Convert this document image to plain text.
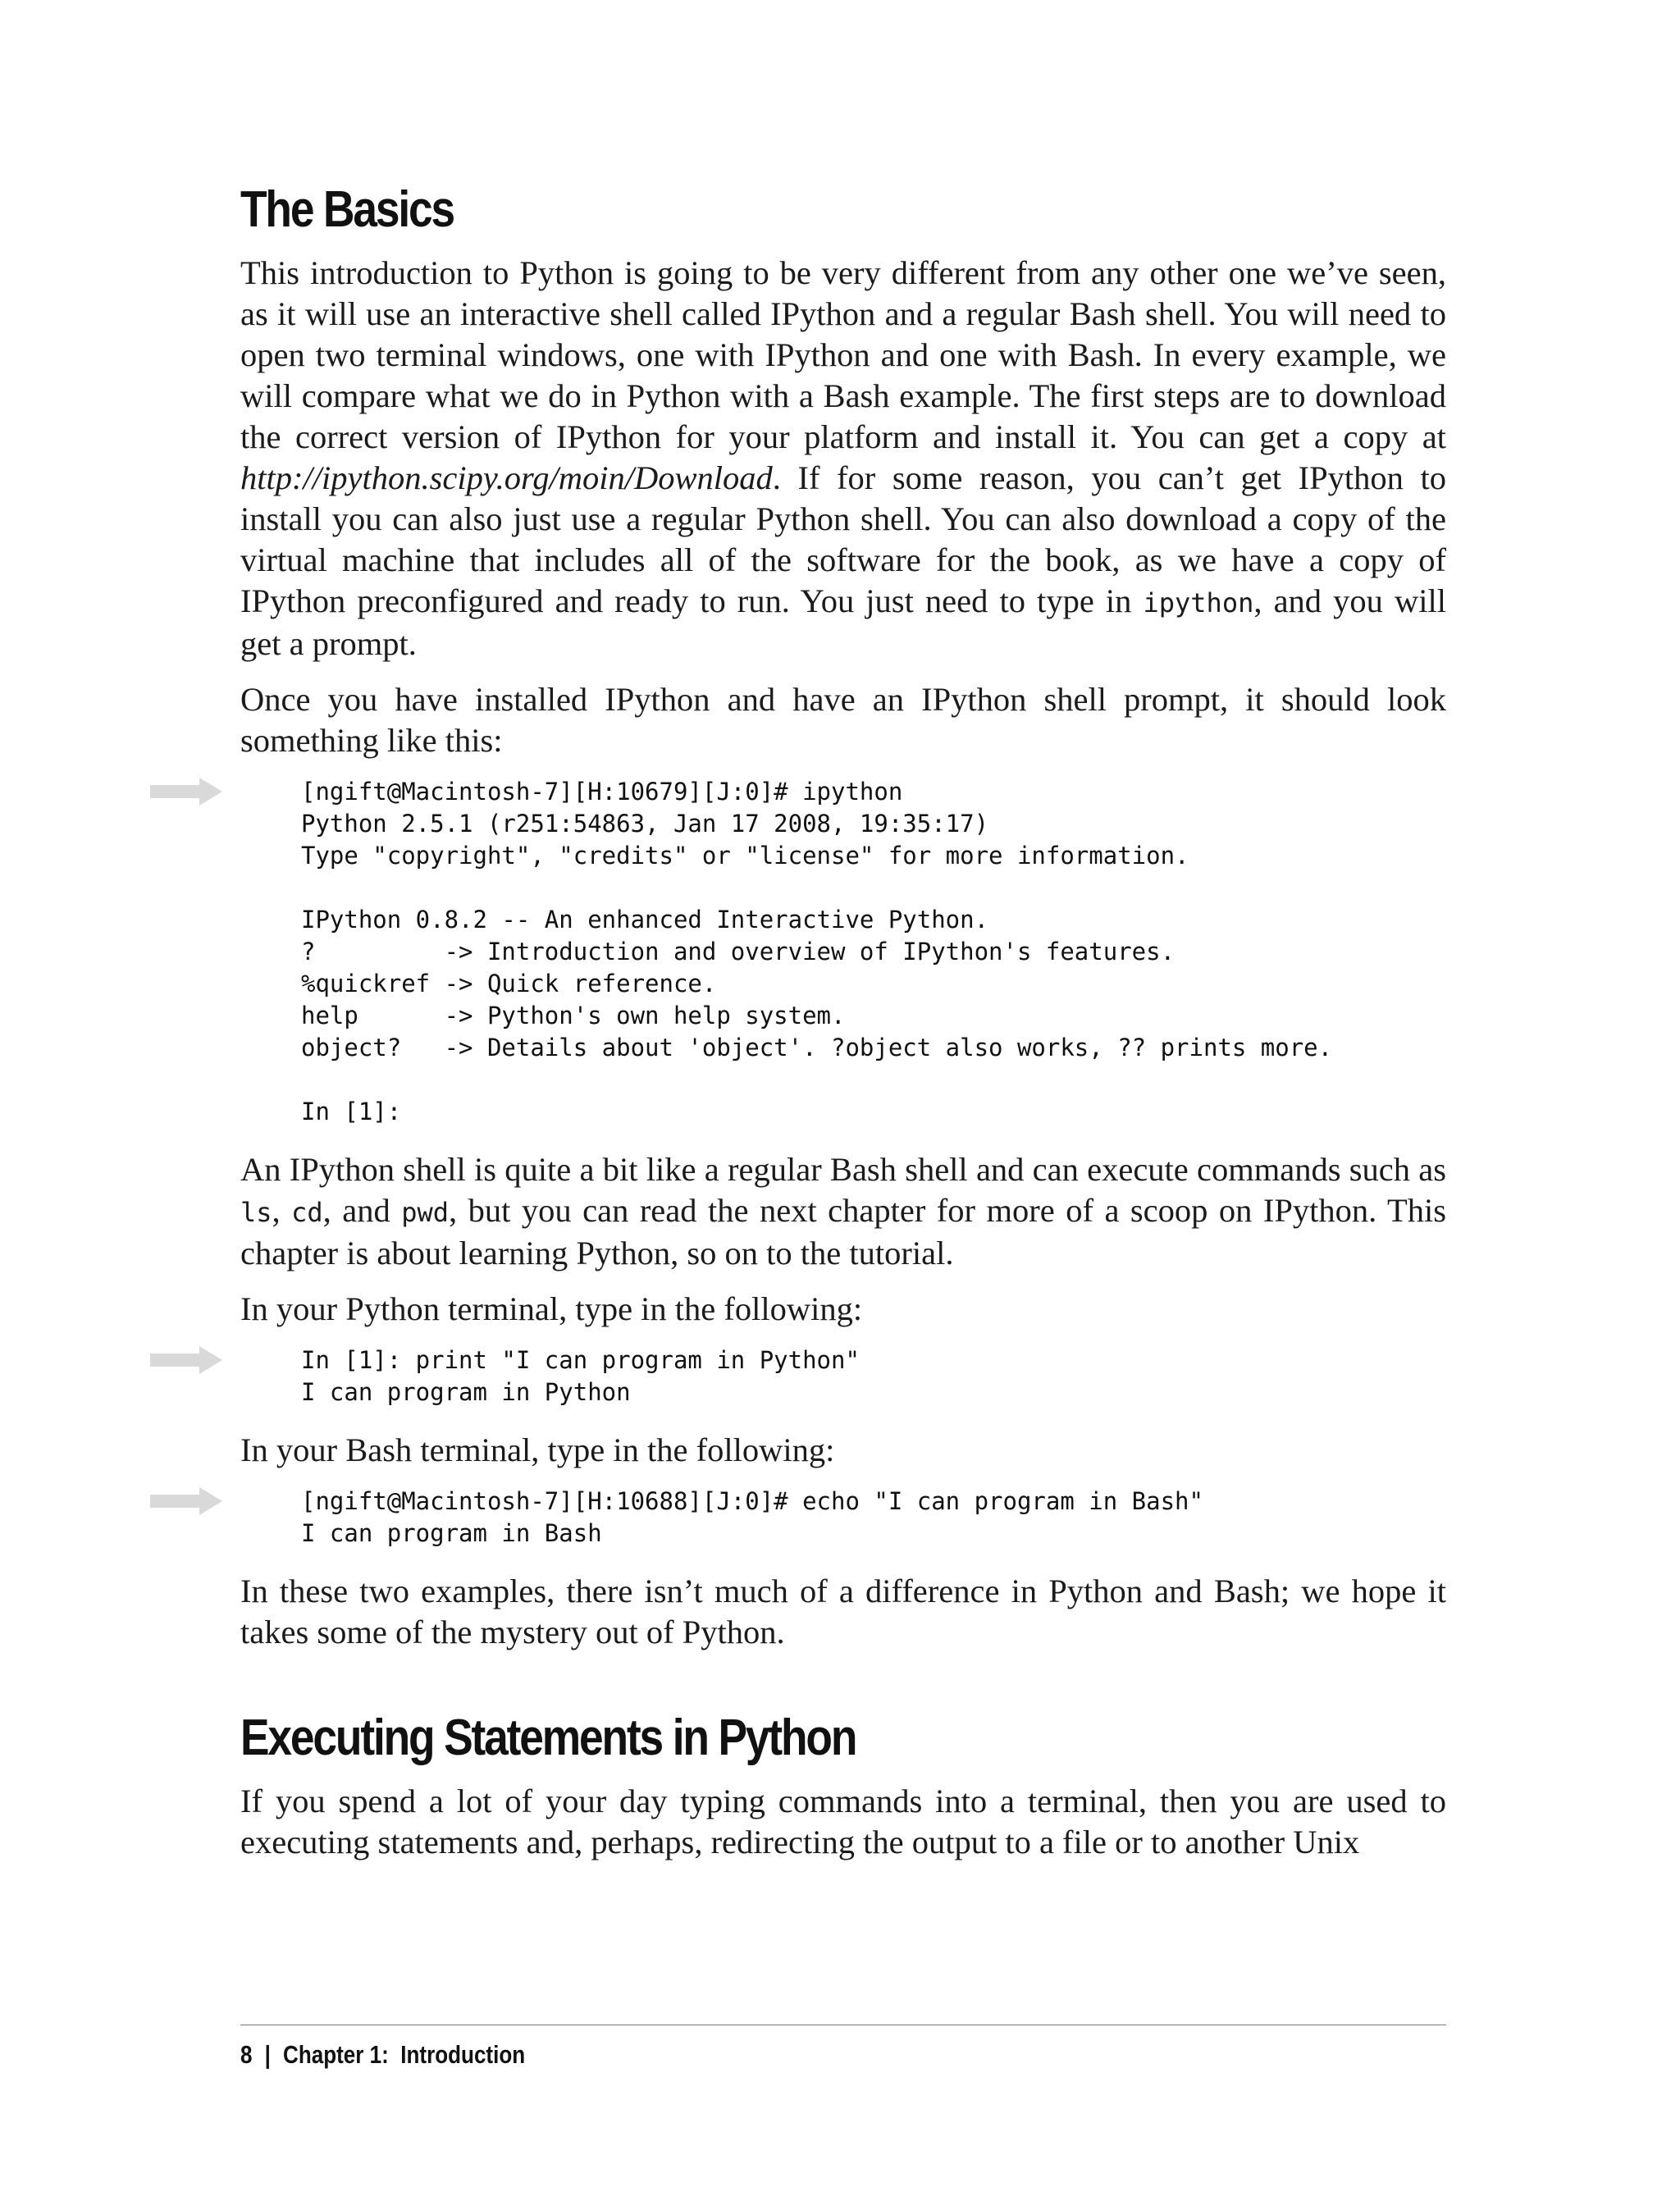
The Basics

This introduction to Python is going to be very different from any other one we’ve seen, as it will use an interactive shell called IPython and a regular Bash shell. You will need to open two terminal windows, one with IPython and one with Bash. In every example, we will compare what we do in Python with a Bash example. The first steps are to download the correct version of IPython for your platform and install it. You can get a copy at http://ipython.scipy.org/moin/Download. If for some reason, you can’t get IPython to install you can also just use a regular Python shell. You can also download a copy of the virtual machine that includes all of the software for the book, as we have a copy of IPython preconfigured and ready to run. You just need to type in ipython, and you will get a prompt.

Once you have installed IPython and have an IPython shell prompt, it should look something like this:

[ngift@Macintosh-7][H:10679][J:0]# ipython
Python 2.5.1 (r251:54863, Jan 17 2008, 19:35:17)
Type "copyright", "credits" or "license" for more information.

IPython 0.8.2 -- An enhanced Interactive Python.
?         -> Introduction and overview of IPython's features.
%quickref -> Quick reference.
help      -> Python's own help system.
object?   -> Details about 'object'. ?object also works, ?? prints more.

In [1]:

An IPython shell is quite a bit like a regular Bash shell and can execute commands such as ls, cd, and pwd, but you can read the next chapter for more of a scoop on IPython. This chapter is about learning Python, so on to the tutorial.

In your Python terminal, type in the following:

In [1]: print "I can program in Python"
I can program in Python

In your Bash terminal, type in the following:

[ngift@Macintosh-7][H:10688][J:0]# echo "I can program in Bash"
I can program in Bash

In these two examples, there isn’t much of a difference in Python and Bash; we hope it takes some of the mystery out of Python.

Executing Statements in Python

If you spend a lot of your day typing commands into a terminal, then you are used to executing statements and, perhaps, redirecting the output to a file or to another Unix

8 | Chapter 1:  Introduction
